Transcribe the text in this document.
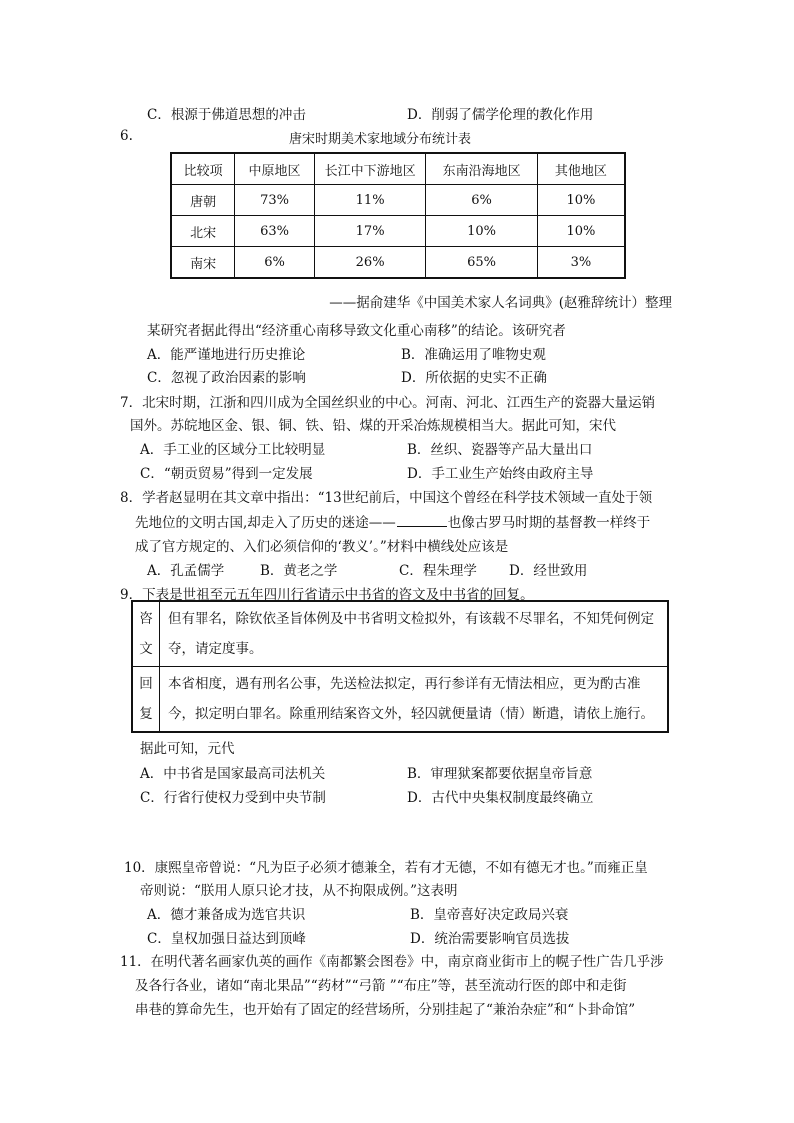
C．根源于佛道思想的冲击	D．削弱了儒学伦理的教化作用
6.	唐宋时期美术家地域分布统计表
比较项	中原地区	长江中下游地区	东南沿海地区	其他地区
唐朝	73%	11%	6%	10%
北宋	63%	17%	10%	10%
南宋	6%	26%	65%	3%
——据俞建华《中国美术家人名词典》(赵雅辞统计）整理
某研究者据此得出“经济重心南移导致文化重心南移”的结论。该研究者
A．能严谨地进行历史推论	B．准确运用了唯物史观
C．忽视了政治因素的影响	D．所依据的史实不正确
7．北宋时期，江浙和四川成为全国丝织业的中心。河南、河北、江西生产的瓷器大量运销
国外。苏皖地区金、银、铜、铁、铅、煤的开采冶炼规模相当大。据此可知，宋代
A．手工业的区域分工比较明显	B．丝织、瓷器等产品大量出口
C．“朝贡贸易”得到一定发展	D．手工业生产始终由政府主导
8．学者赵显明在其文章中指出：“13世纪前后，中国这个曾经在科学技术领域一直处于领
先地位的文明古国,却走入了历史的迷途——	也像古罗马时期的基督教一样终于
成了官方规定的、入们必须信仰的‘教义’。”材料中横线处应该是
A．孔孟儒学	B．黄老之学	C．程朱理学 D．经世致用
9．下表是世祖至元五年四川行省请示中书省的咨文及中书省的回复。
咨
文	但有罪名，除钦依圣旨体例及中书省明文检拟外，有该载不尽罪名，不知凭何例定夺，请定度事。

回
复	本省相度，遇有刑名公事，先送检法拟定，再行参详有无情法相应，更为酌古准今，拟定明白罪名。除重刑结案咨文外，轻囚就便量请（情）断遣，请依上施行。
据此可知，元代
A．中书省是国家最高司法机关	B．审理狱案都要依据皇帝旨意
C．行省行使权力受到中央节制	D．古代中央集权制度最终确立
10．康熙皇帝曾说：“凡为臣子必须才德兼全，若有才无德，不如有德无才也。”而雍正皇
帝则说：“朕用人原只论才技，从不拘限成例。”这表明
A．德才兼备成为选官共识	B．皇帝喜好决定政局兴衰
C．皇权加强日益达到顶峰	D．统治需要影响官员选拔
11．在明代著名画家仇英的画作《南都繁会图卷》中，南京商业街市上的幌子性广告几乎涉
及各行各业，诸如“南北果品”“药材”“弓箭 ”“布庄”等，甚至流动行医的郎中和走街
串巷的算命先生，也开始有了固定的经营场所，分别挂起了“兼治杂症”和“卜卦命馆”
